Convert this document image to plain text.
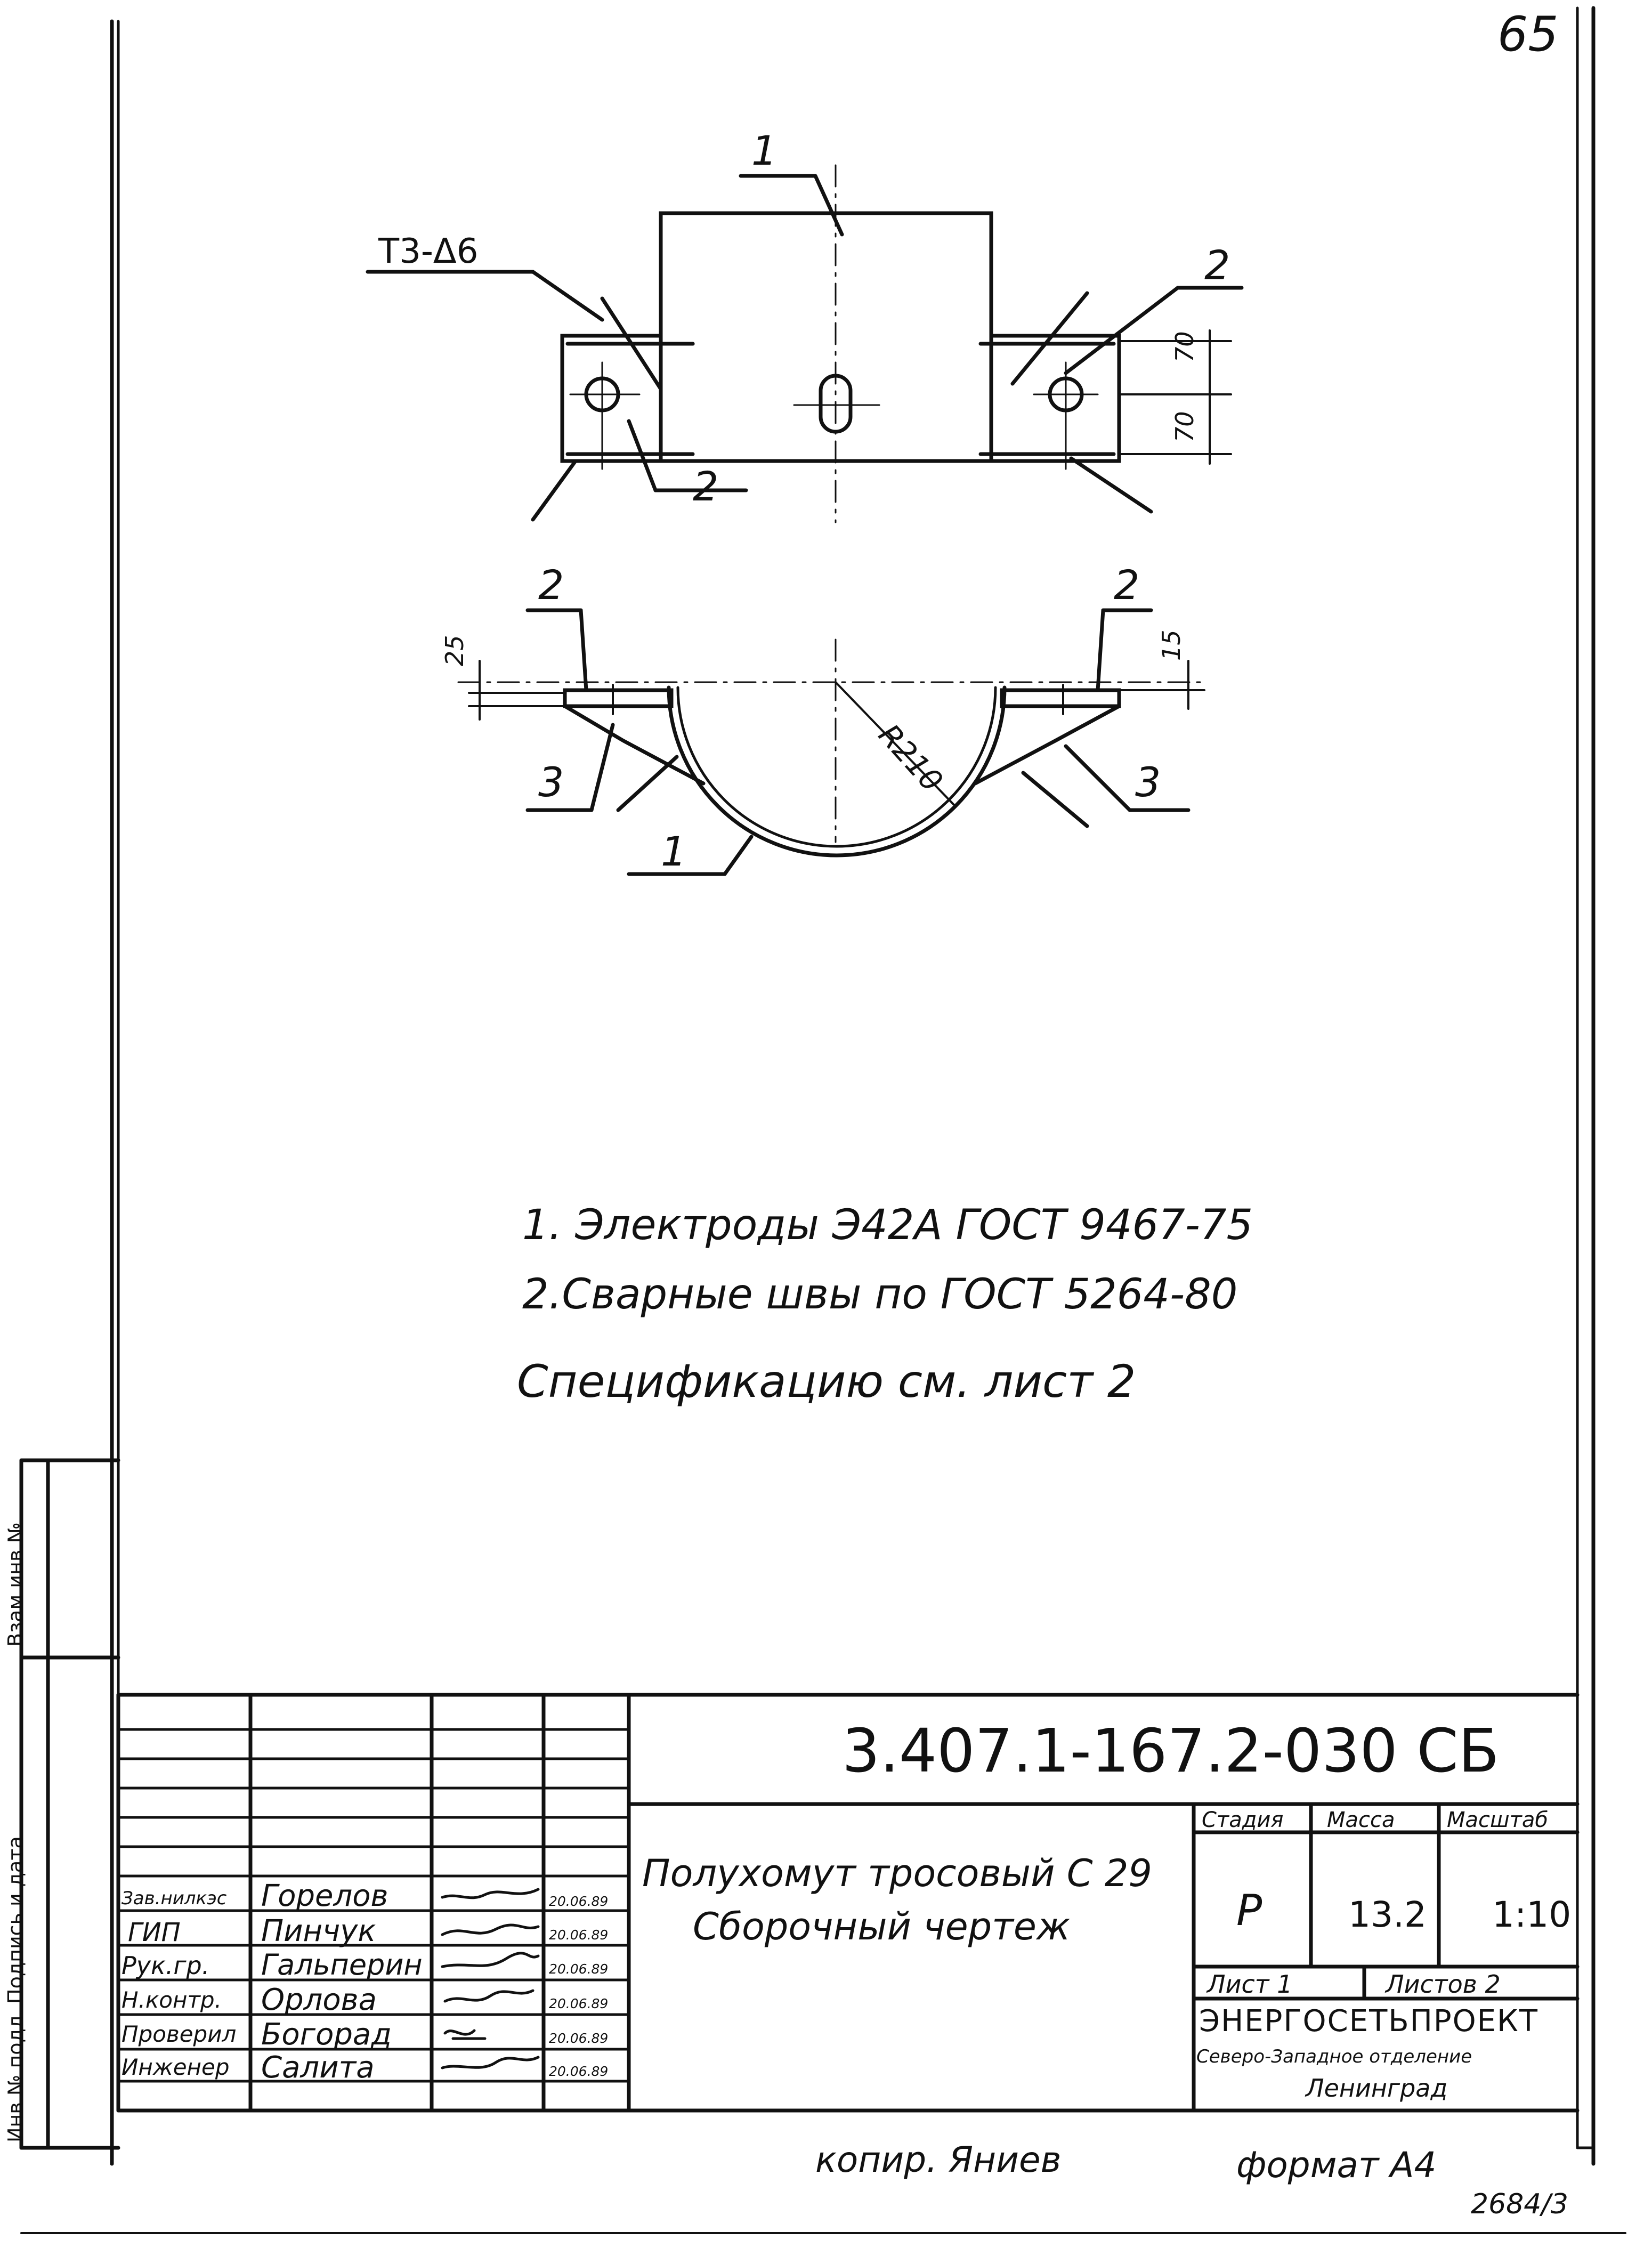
65
Т3-Δ6
1
2
2
70
70
2	2
25	15
R210
3	3
1
1. Электроды Э42А ГОСТ 9467-75
2.Сварные швы по ГОСТ 5264-80
Спецификацию см. лист 2
Инв.№ подл.
Подпись и дата
Взам.инв.№
3.407.1-167.2-030 СБ
Полухомут тросовый С 29
Сборочный чертеж
Стадия Масса Масштаб
Р 13.2 1:10
Лист 1	Листов 2
ЭНЕРГОСЕТЬПРОЕКТ
Северо-Западное отделение
Ленинград
Зав.нилкэс Горелов	20.06.89
ГИП	Пинчук	20.06.89
Рук.гр. Гальперин	20.06.89
Н.контр. Орлова	20.06.89
Проверил Богорад	20.06.89
Инженер Салита	20.06.89
копир. Яниев	формат А4
2684/3
